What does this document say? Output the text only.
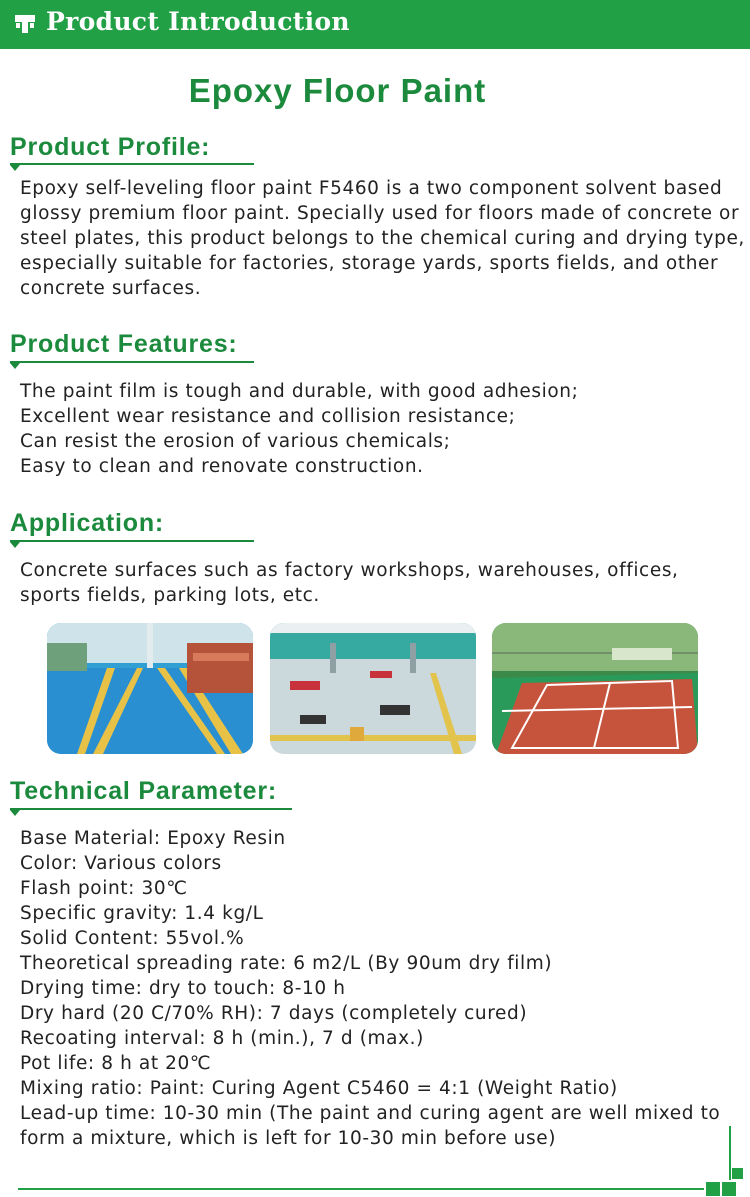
Product Introduction
Epoxy Floor Paint
Product Profile:
Epoxy self-leveling floor paint F5460 is a two component solvent based
glossy premium floor paint. Specially used for floors made of concrete or
steel plates, this product belongs to the chemical curing and drying type,
especially suitable for factories, storage yards, sports fields, and other
concrete surfaces.
Product Features:
The paint film is tough and durable, with good adhesion;
Excellent wear resistance and collision resistance;
Can resist the erosion of various chemicals;
Easy to clean and renovate construction.
Application:
Concrete surfaces such as factory workshops, warehouses, offices,
sports fields, parking lots, etc.
Technical Parameter:
Base Material: Epoxy Resin
Color: Various colors
Flash point: 30℃
Specific gravity: 1.4 kg/L
Solid Content: 55vol.%
Theoretical spreading rate: 6 m2/L (By 90um dry film)
Drying time: dry to touch: 8-10 h
Dry hard (20 C/70% RH): 7 days (completely cured)
Recoating interval: 8 h (min.), 7 d (max.)
Pot life: 8 h at 20℃
Mixing ratio: Paint: Curing Agent C5460 = 4:1 (Weight Ratio)
Lead-up time: 10-30 min (The paint and curing agent are well mixed to
form a mixture, which is left for 10-30 min before use)
